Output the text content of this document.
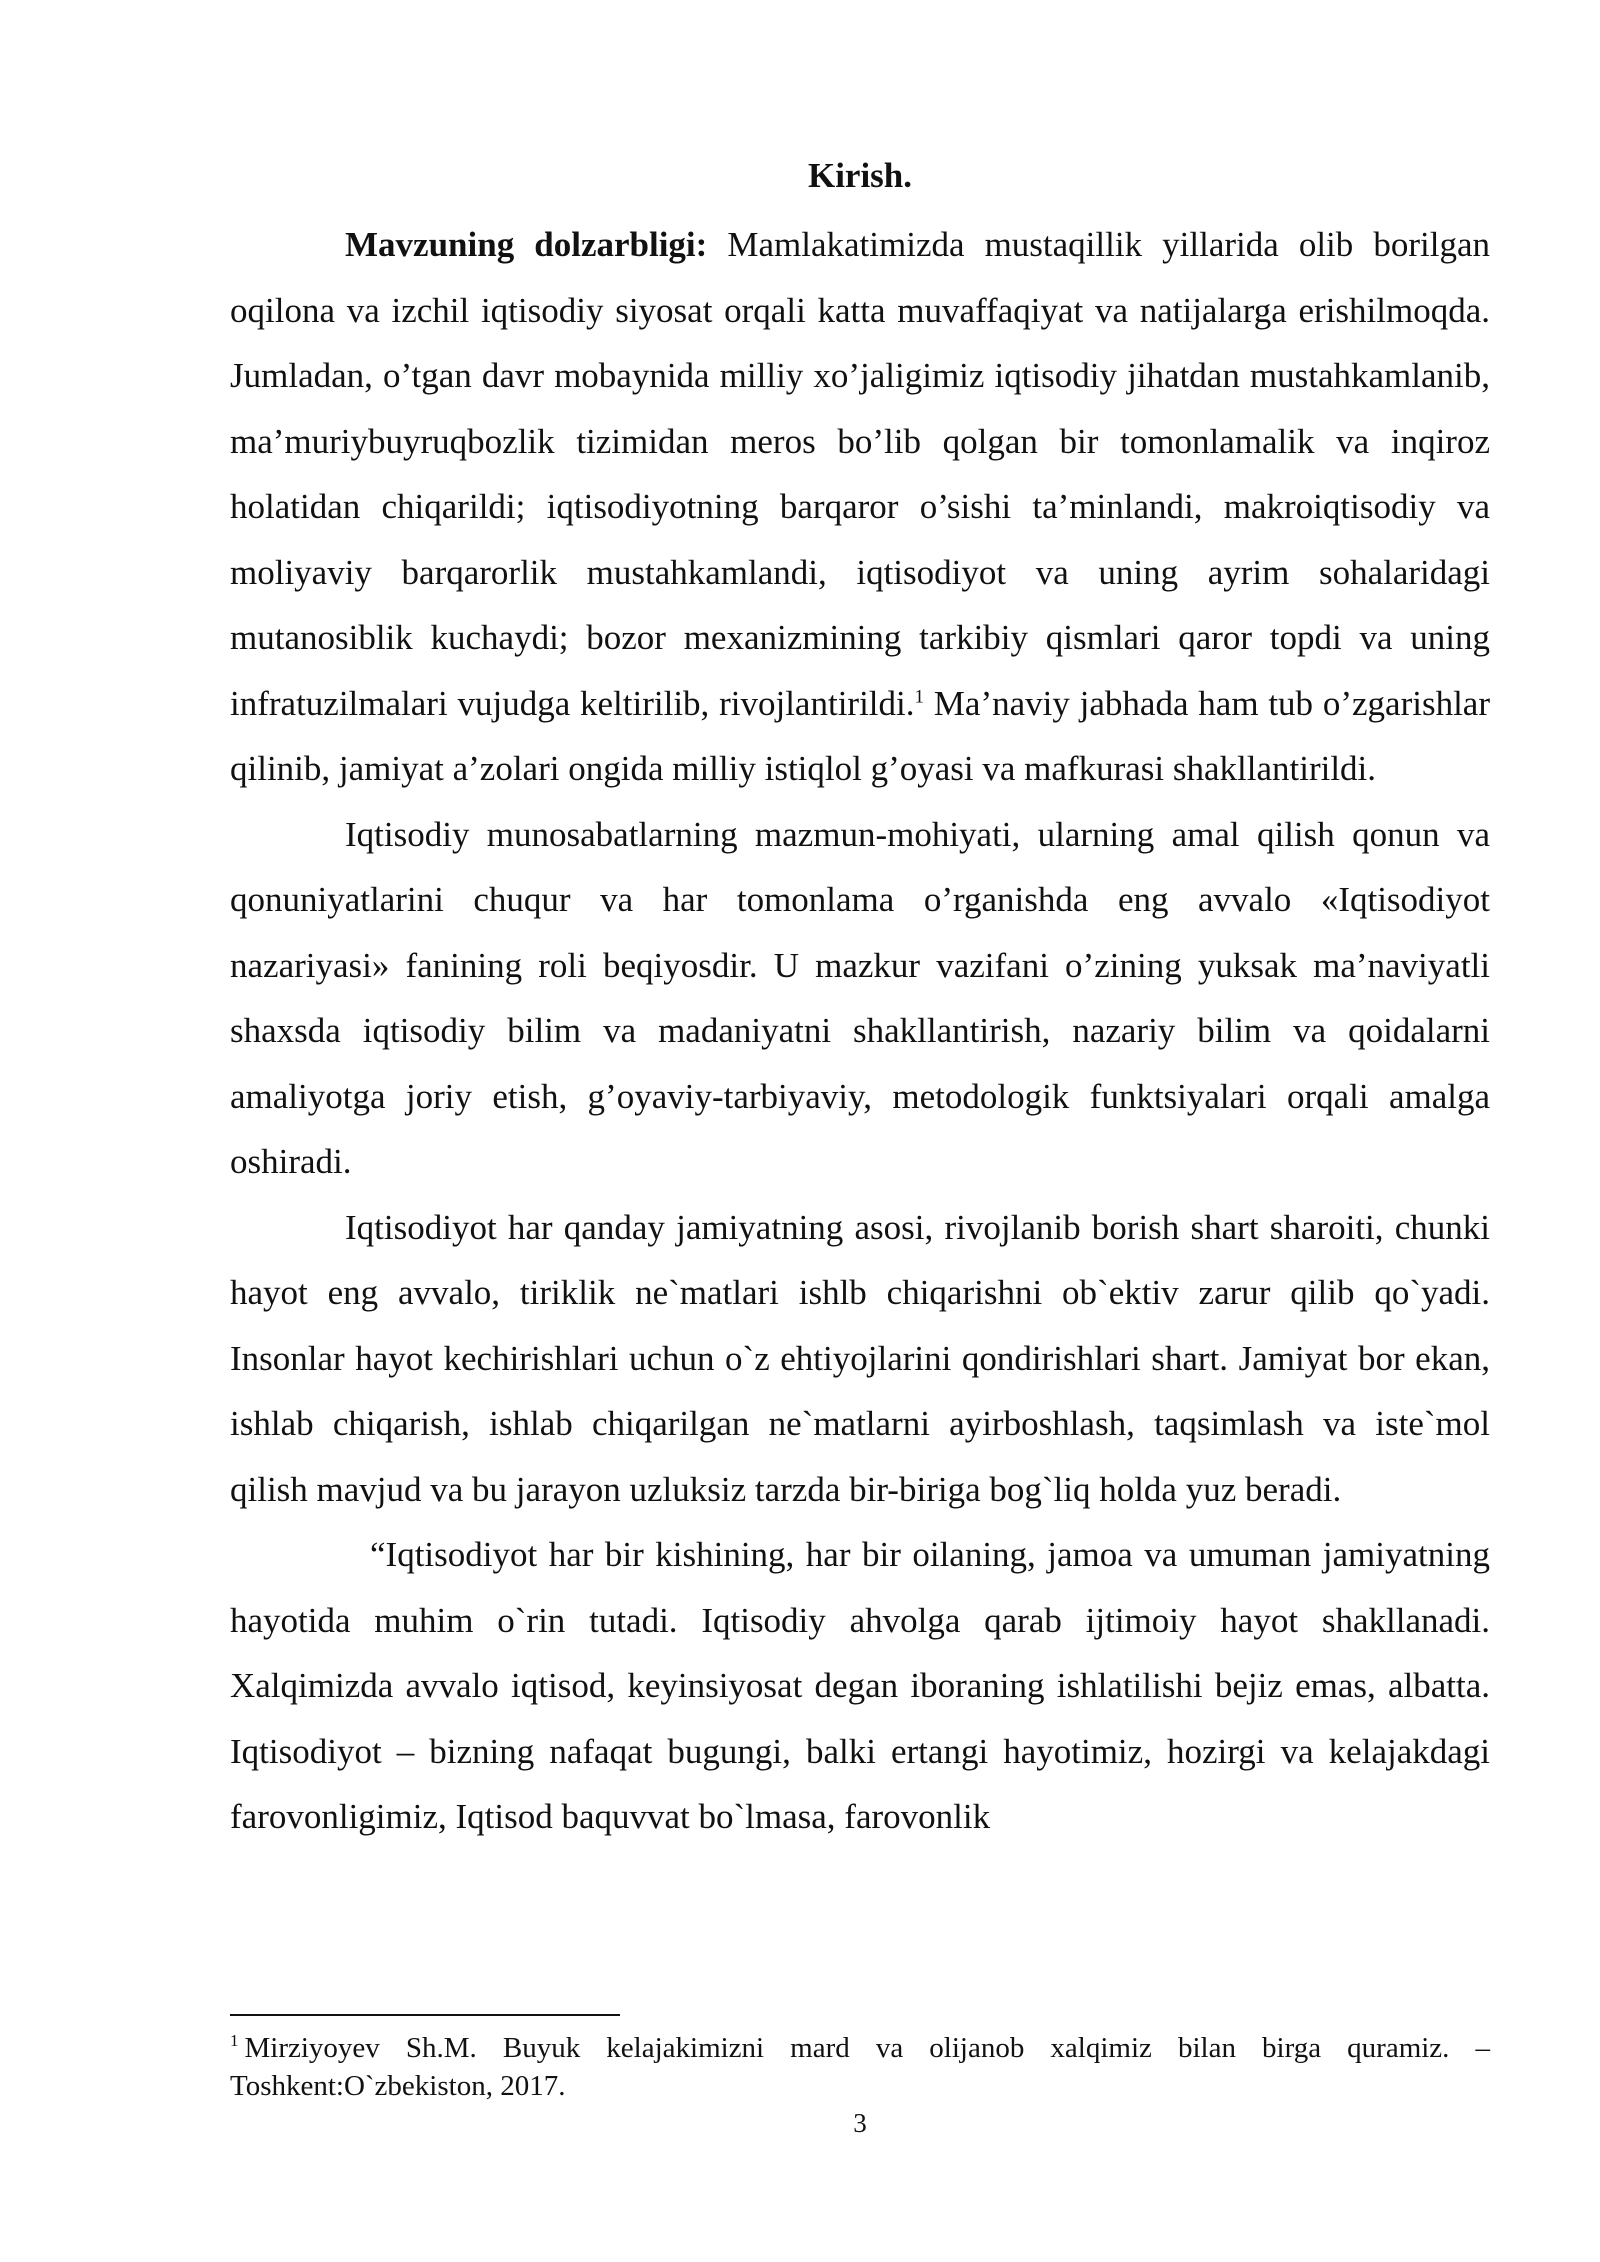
Kirish.

Mavzuning dolzarbligi: Mamlakatimizda mustaqillik yillarida olib borilgan oqilona va izchil iqtisodiy siyosat orqali katta muvaffaqiyat va natijalarga erishilmoqda. Jumladan, o’tgan davr mobaynida milliy xo’jaligimiz iqtisodiy jihatdan mustahkamlanib, ma’muriybuyruqbozlik tizimidan meros bo’lib qolgan bir tomonlamalik va inqiroz holatidan chiqarildi; iqtisodiyotning barqaror o’sishi ta’minlandi, makroiqtisodiy va moliyaviy barqarorlik mustahkamlandi, iqtisodiyot va uning ayrim sohalaridagi mutanosiblik kuchaydi; bozor mexanizmining tarkibiy qismlari qaror topdi va uning infratuzilmalari vujudga keltirilib, rivojlantirildi.$^1$ Ma’naviy jabhada ham tub o’zgarishlar qilinib, jamiyat a’zolari ongida milliy istiqlol g’oyasi va mafkurasi shakllantirildi.

Iqtisodiy munosabatlarning mazmun-mohiyati, ularning amal qilish qonun va qonuniyatlarini chuqur va har tomonlama o’rganishda eng avvalo «Iqtisodiyot nazariyasi» fanining roli beqiyosdir. U mazkur vazifani o’zining yuksak ma’naviyatli shaxsda iqtisodiy bilim va madaniyatni shakllantirish, nazariy bilim va qoidalarni amaliyotga joriy etish, g’oyaviy-tarbiyaviy, metodologik funktsiyalari orqali amalga oshiradi.

Iqtisodiyot har qanday jamiyatning asosi, rivojlanib borish shart sharoiti, chunki hayot eng avvalo, tiriklik ne`matlari ishlb chiqarishni ob`ektiv zarur qilib qo`yadi. Insonlar hayot kechirishlari uchun o`z ehtiyojlarini qondirishlari shart. Jamiyat bor ekan, ishlab chiqarish, ishlab chiqarilgan ne`matlarni ayirboshlash, taqsimlash va iste`mol qilish mavjud va bu jarayon uzluksiz tarzda bir-biriga bog`liq holda yuz beradi.

“Iqtisodiyot har bir kishining, har bir oilaning, jamoa va umuman jamiyatning hayotida muhim o`rin tutadi. Iqtisodiy ahvolga qarab ijtimoiy hayot shakllanadi. Xalqimizda avvalo iqtisod, keyinsiyosat degan iboraning ishlatilishi bejiz emas, albatta. Iqtisodiyot – bizning nafaqat bugungi, balki ertangi hayotimiz, hozirgi va kelajakdagi farovonligimiz, Iqtisod baquvvat bo`lmasa, farovonlik

$^1$ Mirziyoyev Sh.M. Buyuk kelajakimizni mard va olijanob xalqimiz bilan birga quramiz. – Toshkent:O`zbekiston, 2017.

3
